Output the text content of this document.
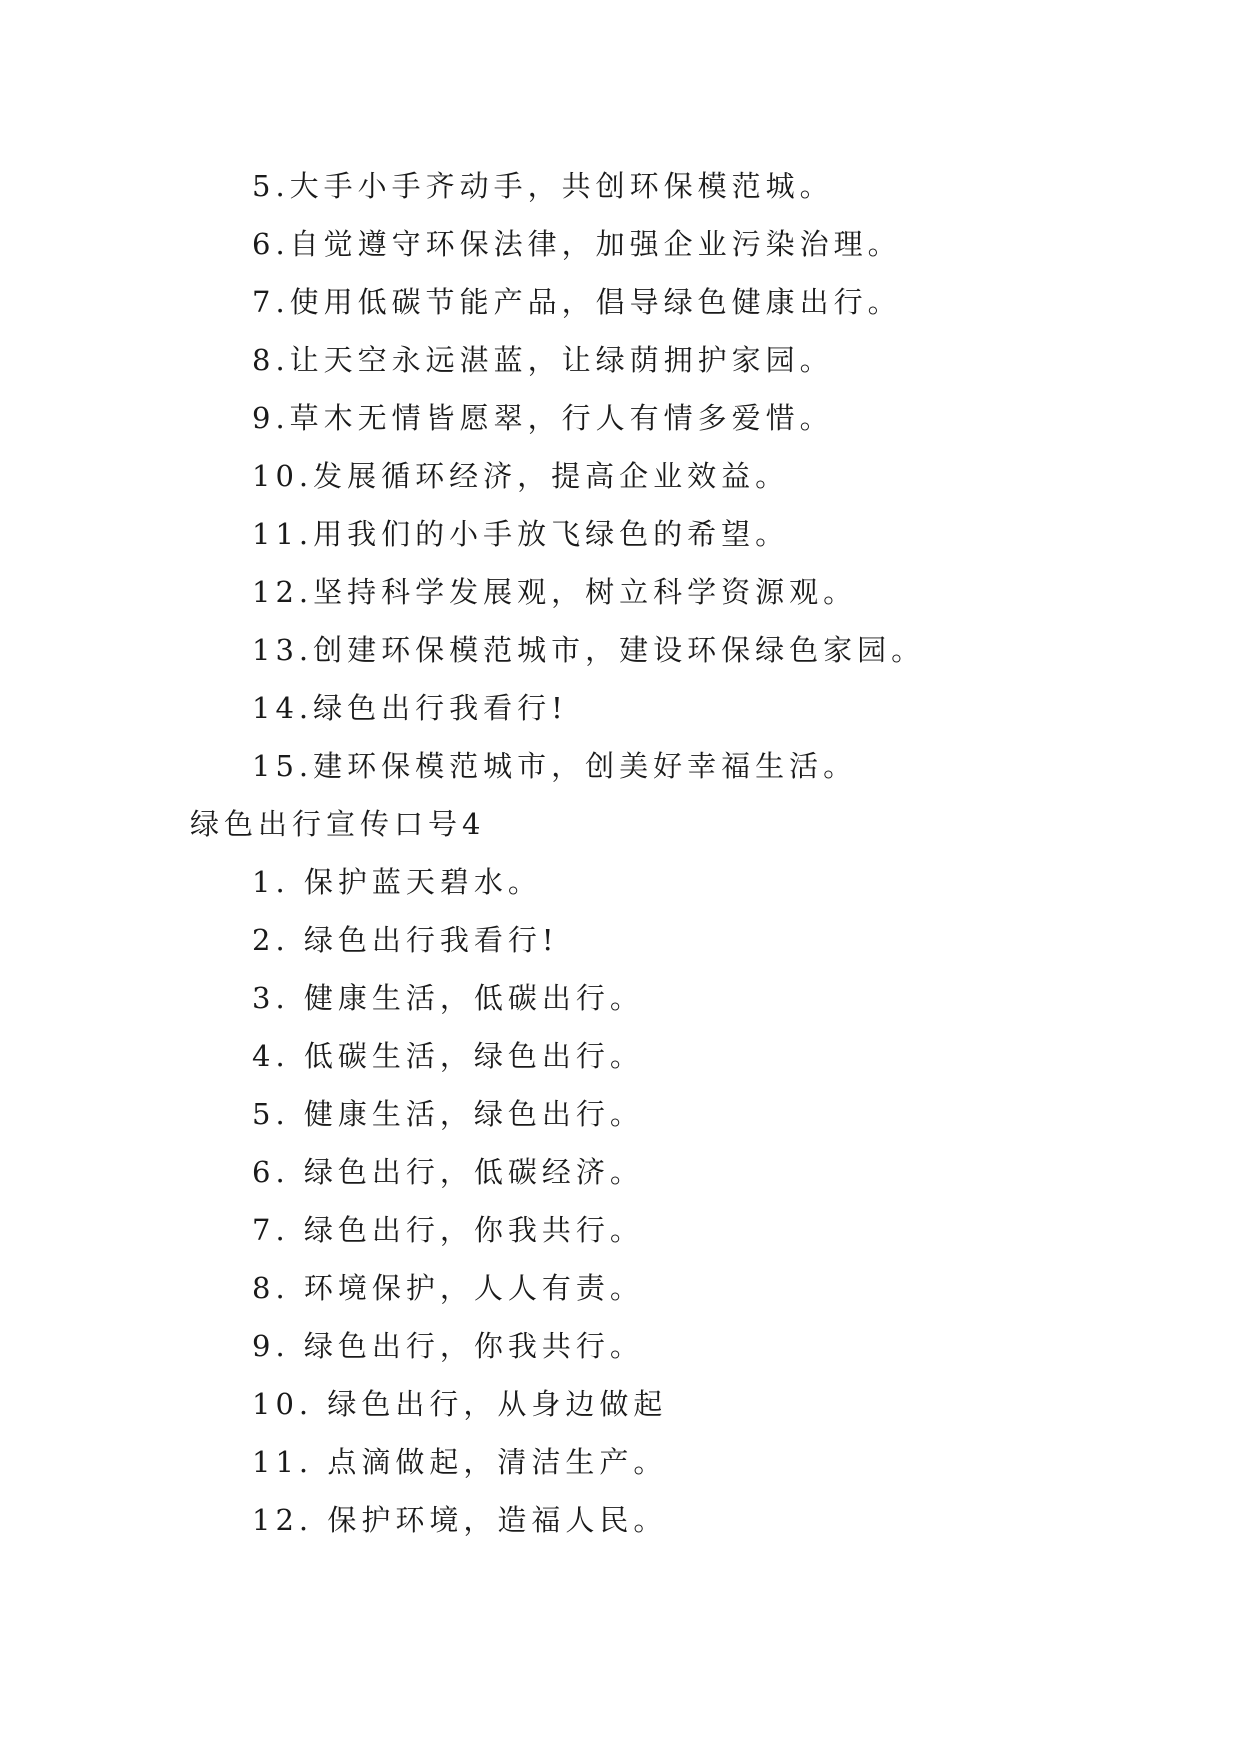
5.大手小手齐动手，共创环保模范城。
6.自觉遵守环保法律，加强企业污染治理。
7.使用低碳节能产品，倡导绿色健康出行。
8.让天空永远湛蓝，让绿荫拥护家园。
9.草木无情皆愿翠，行人有情多爱惜。
10.发展循环经济，提高企业效益。
11.用我们的小手放飞绿色的希望。
12.坚持科学发展观，树立科学资源观。
13.创建环保模范城市，建设环保绿色家园。
14.绿色出行我看行!
15.建环保模范城市，创美好幸福生活。
绿色出行宣传口号4
1. 保护蓝天碧水。
2. 绿色出行我看行!
3. 健康生活，低碳出行。
4. 低碳生活，绿色出行。
5. 健康生活，绿色出行。
6. 绿色出行，低碳经济。
7. 绿色出行，你我共行。
8. 环境保护，人人有责。
9. 绿色出行，你我共行。
10. 绿色出行，从身边做起
11. 点滴做起，清洁生产。
12. 保护环境，造福人民。
